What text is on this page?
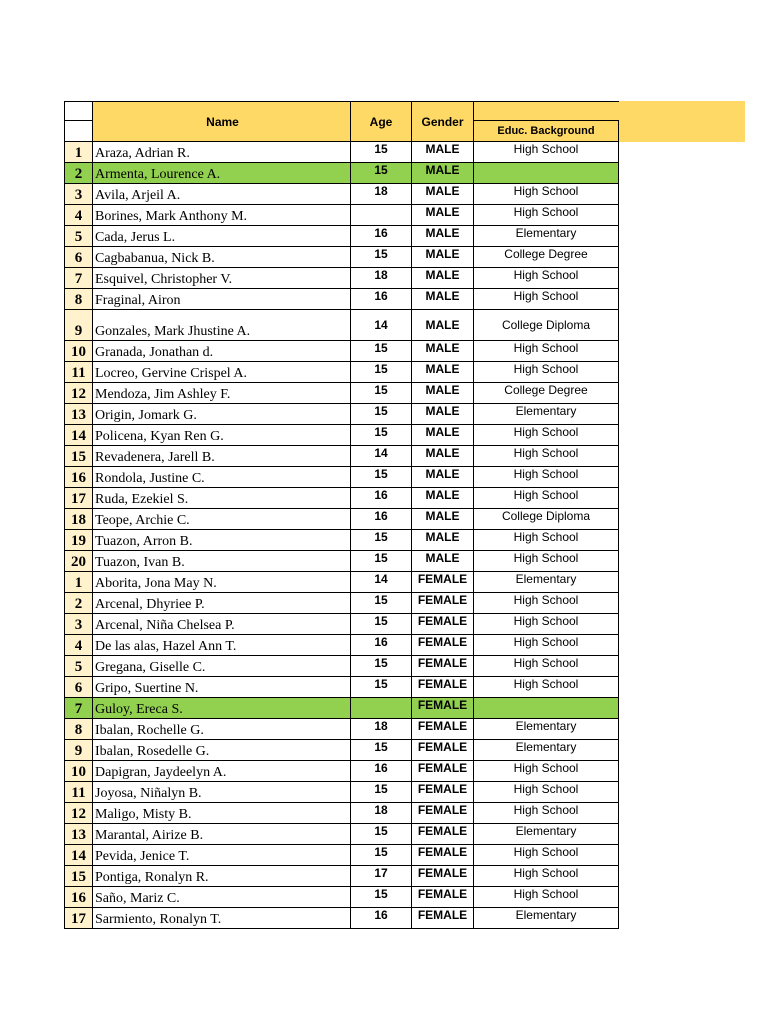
	Name	Age	Gender	
				Educ. Background
1	Araza, Adrian R.	15	MALE	High School
2	Armenta, Lourence A.	15	MALE	
3	Avila, Arjeil A.	18	MALE	High School
4	Borines, Mark Anthony M.		MALE	High School
5	Cada, Jerus L.	16	MALE	Elementary
6	Cagbabanua, Nick B.	15	MALE	College Degree
7	Esquivel, Christopher V.	18	MALE	High School
8	Fraginal, Airon	16	MALE	High School
9	Gonzales, Mark Jhustine A.	14	MALE	College Diploma
10	Granada, Jonathan d.	15	MALE	High School
11	Locreo, Gervine Crispel A.	15	MALE	High School
12	Mendoza, Jim Ashley F.	15	MALE	College Degree
13	Origin, Jomark G.	15	MALE	Elementary
14	Policena, Kyan Ren G.	15	MALE	High School
15	Revadenera, Jarell B.	14	MALE	High School
16	Rondola, Justine C.	15	MALE	High School
17	Ruda, Ezekiel S.	16	MALE	High School
18	Teope, Archie C.	16	MALE	College Diploma
19	Tuazon, Arron B.	15	MALE	High School
20	Tuazon, Ivan B.	15	MALE	High School
1	Aborita, Jona May N.	14	FEMALE	Elementary
2	Arcenal, Dhyriee P.	15	FEMALE	High School
3	Arcenal, Niña Chelsea P.	15	FEMALE	High School
4	De las alas, Hazel Ann T.	16	FEMALE	High School
5	Gregana, Giselle C.	15	FEMALE	High School
6	Gripo, Suertine N.	15	FEMALE	High School
7	Guloy, Ereca S.		FEMALE	
8	Ibalan, Rochelle G.	18	FEMALE	Elementary
9	Ibalan, Rosedelle G.	15	FEMALE	Elementary
10	Dapigran, Jaydeelyn A.	16	FEMALE	High School
11	Joyosa, Niñalyn B.	15	FEMALE	High School
12	Maligo, Misty B.	18	FEMALE	High School
13	Marantal, Airize B.	15	FEMALE	Elementary
14	Pevida, Jenice T.	15	FEMALE	High School
15	Pontiga, Ronalyn R.	17	FEMALE	High School
16	Saño, Mariz C.	15	FEMALE	High School
17	Sarmiento, Ronalyn T.	16	FEMALE	Elementary
